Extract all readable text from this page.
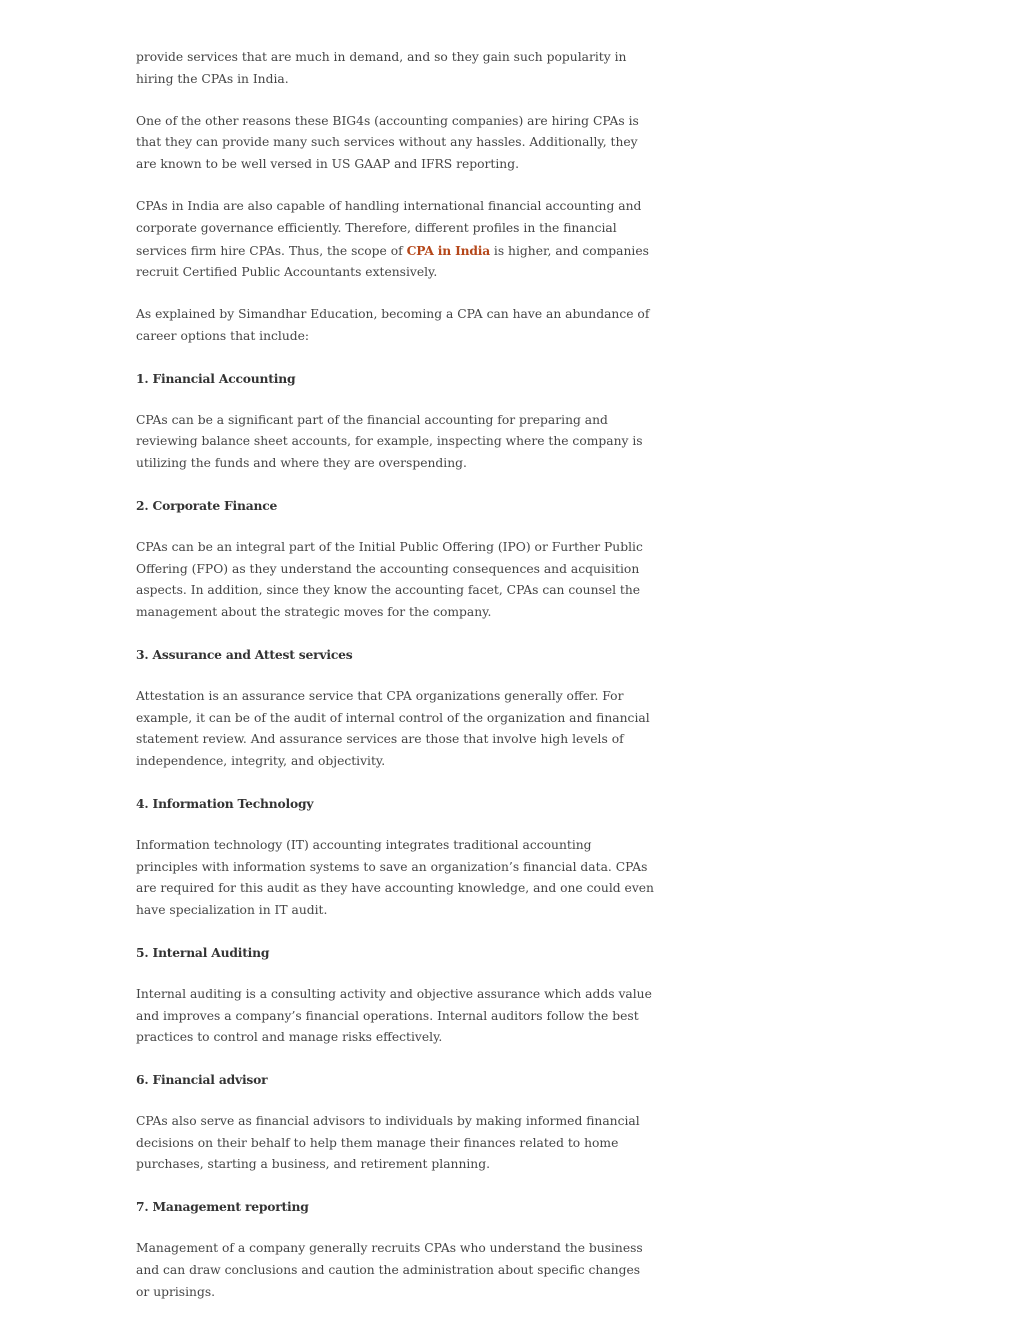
provide services that are much in demand, and so they gain such popularity in hiring the CPAs in India.

One of the other reasons these BIG4s (accounting companies) are hiring CPAs is that they can provide many such services without any hassles. Additionally, they are known to be well versed in US GAAP and IFRS reporting.

CPAs in India are also capable of handling international financial accounting and corporate governance efficiently. Therefore, different profiles in the financial services firm hire CPAs. Thus, the scope of CPA in India is higher, and companies recruit Certified Public Accountants extensively.

As explained by Simandhar Education, becoming a CPA can have an abundance of career options that include:

1. Financial Accounting

CPAs can be a significant part of the financial accounting for preparing and reviewing balance sheet accounts, for example, inspecting where the company is utilizing the funds and where they are overspending.

2. Corporate Finance

CPAs can be an integral part of the Initial Public Offering (IPO) or Further Public Offering (FPO) as they understand the accounting consequences and acquisition aspects. In addition, since they know the accounting facet, CPAs can counsel the management about the strategic moves for the company.

3. Assurance and Attest services

Attestation is an assurance service that CPA organizations generally offer. For example, it can be of the audit of internal control of the organization and financial statement review. And assurance services are those that involve high levels of independence, integrity, and objectivity.

4. Information Technology

Information technology (IT) accounting integrates traditional accounting principles with information systems to save an organization’s financial data. CPAs are required for this audit as they have accounting knowledge, and one could even have specialization in IT audit.

5. Internal Auditing

Internal auditing is a consulting activity and objective assurance which adds value and improves a company’s financial operations. Internal auditors follow the best practices to control and manage risks effectively.

6. Financial advisor

CPAs also serve as financial advisors to individuals by making informed financial decisions on their behalf to help them manage their finances related to home purchases, starting a business, and retirement planning.

7. Management reporting

Management of a company generally recruits CPAs who understand the business and can draw conclusions and caution the administration about specific changes or uprisings.
